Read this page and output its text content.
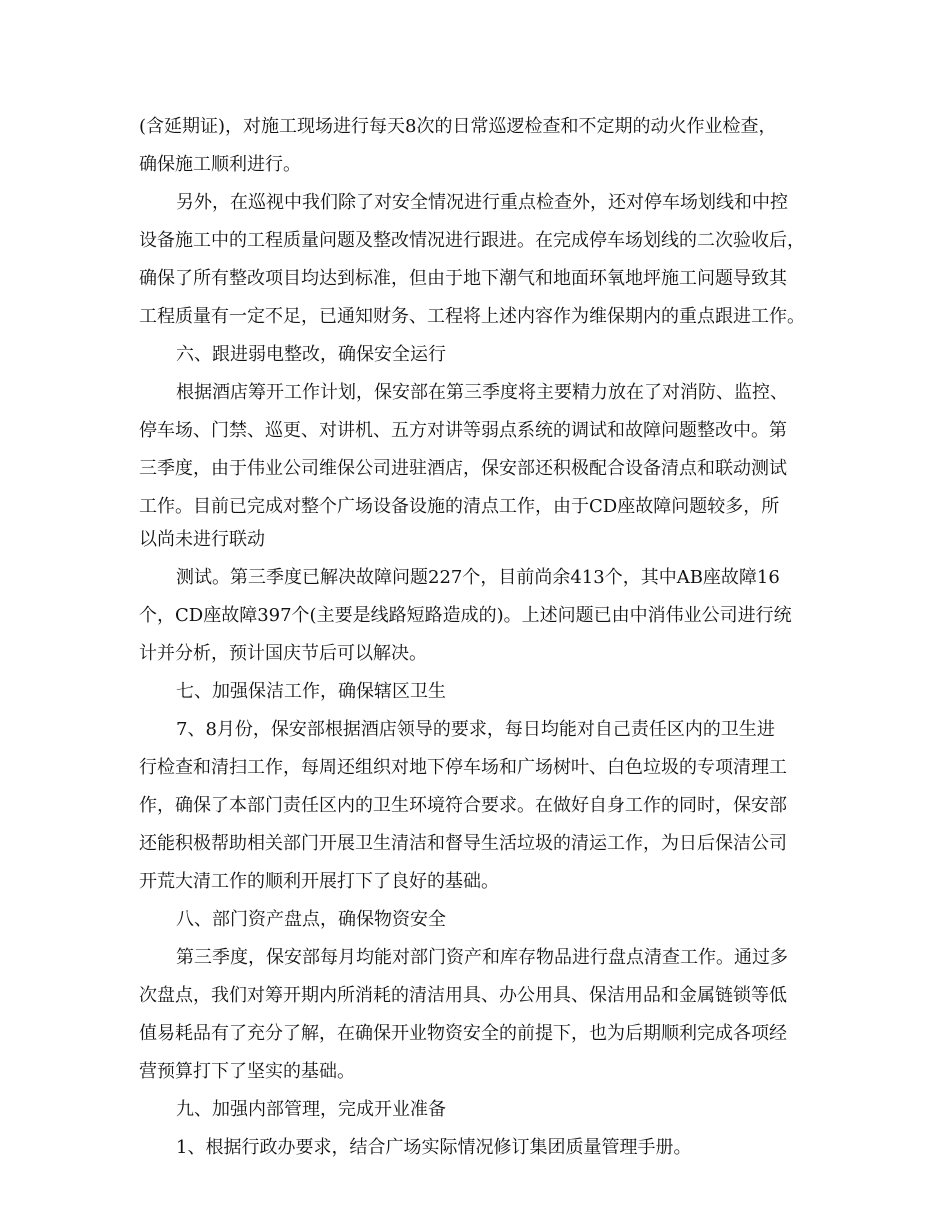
(含延期证)，对施工现场进行每天8次的日常巡逻检查和不定期的动火作业检查，

确保施工顺利进行。

另外，在巡视中我们除了对安全情况进行重点检查外，还对停车场划线和中控

设备施工中的工程质量问题及整改情况进行跟进。在完成停车场划线的二次验收后，

确保了所有整改项目均达到标准，但由于地下潮气和地面环氧地坪施工问题导致其

工程质量有一定不足，已通知财务、工程将上述内容作为维保期内的重点跟进工作。

六、跟进弱电整改，确保安全运行

根据酒店筹开工作计划，保安部在第三季度将主要精力放在了对消防、监控、

停车场、门禁、巡更、对讲机、五方对讲等弱点系统的调试和故障问题整改中。第

三季度，由于伟业公司维保公司进驻酒店，保安部还积极配合设备清点和联动测试

工作。目前已完成对整个广场设备设施的清点工作，由于CD座故障问题较多，所

以尚未进行联动

测试。第三季度已解决故障问题227个，目前尚余413个，其中AB座故障16

个，CD座故障397个(主要是线路短路造成的)。上述问题已由中消伟业公司进行统

计并分析，预计国庆节后可以解决。

七、加强保洁工作，确保辖区卫生

7、8月份，保安部根据酒店领导的要求，每日均能对自己责任区内的卫生进

行检查和清扫工作，每周还组织对地下停车场和广场树叶、白色垃圾的专项清理工

作，确保了本部门责任区内的卫生环境符合要求。在做好自身工作的同时，保安部

还能积极帮助相关部门开展卫生清洁和督导生活垃圾的清运工作，为日后保洁公司

开荒大清工作的顺利开展打下了良好的基础。

八、部门资产盘点，确保物资安全

第三季度，保安部每月均能对部门资产和库存物品进行盘点清查工作。通过多

次盘点，我们对筹开期内所消耗的清洁用具、办公用具、保洁用品和金属链锁等低

值易耗品有了充分了解，在确保开业物资安全的前提下，也为后期顺利完成各项经

营预算打下了坚实的基础。

九、加强内部管理，完成开业准备

1、根据行政办要求，结合广场实际情况修订集团质量管理手册。
